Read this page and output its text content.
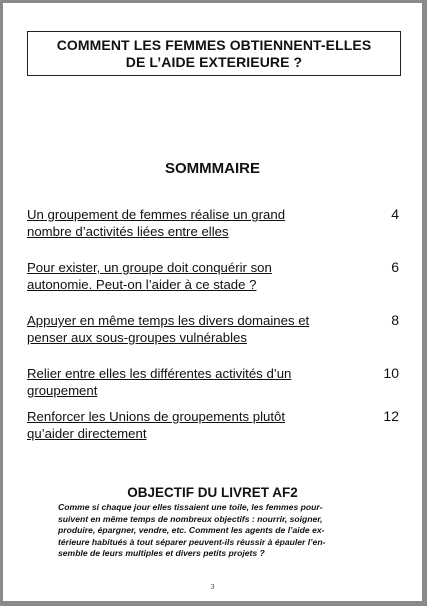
COMMENT LES FEMMES OBTIENNENT-ELLES
DE L’AIDE EXTERIEURE ?
SOMMMAIRE
Un groupement de femmes réalise un grand
nombre d’activités liées entre elles
4
Pour exister, un groupe doit conquérir son
autonomie. Peut-on l’aider à ce stade ?
6
Appuyer en même temps les divers domaines et
penser aux sous-groupes vulnérables
8
Relier entre elles les différentes activités d’un
groupement
10
Renforcer les Unions de groupements plutôt
qu’aider directement
12
OBJECTIF DU LIVRET AF2
Comme si chaque jour elles tissaient une toile, les femmes pour-
suivent en même temps de nombreux objectifs : nourrir, soigner,
produire, épargner, vendre, etc. Comment les agents de l’aide ex-
térieure habitués à tout séparer peuvent-ils réussir à épauler l’en-
semble de leurs multiples et divers petits projets ?
3
